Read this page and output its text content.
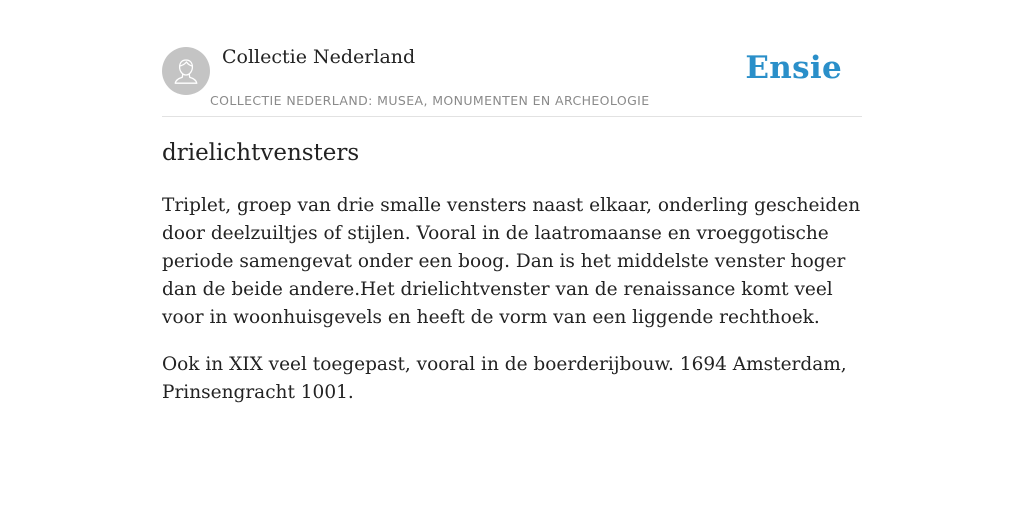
Collectie Nederland
COLLECTIE NEDERLAND: MUSEA, MONUMENTEN EN ARCHEOLOGIE
Ensie
drielichtvensters

Triplet, groep van drie smalle vensters naast elkaar, onderling gescheiden door deelzuiltjes of stijlen. Vooral in de laatromaanse en vroeggotische periode samengevat onder een boog. Dan is het middelste venster hoger dan de beide andere.Het drielichtvenster van de renaissance komt veel voor in woonhuisgevels en heeft de vorm van een liggende rechthoek.

Ook in XIX veel toegepast, vooral in de boerderijbouw. 1694 Amsterdam, Prinsengracht 1001.
